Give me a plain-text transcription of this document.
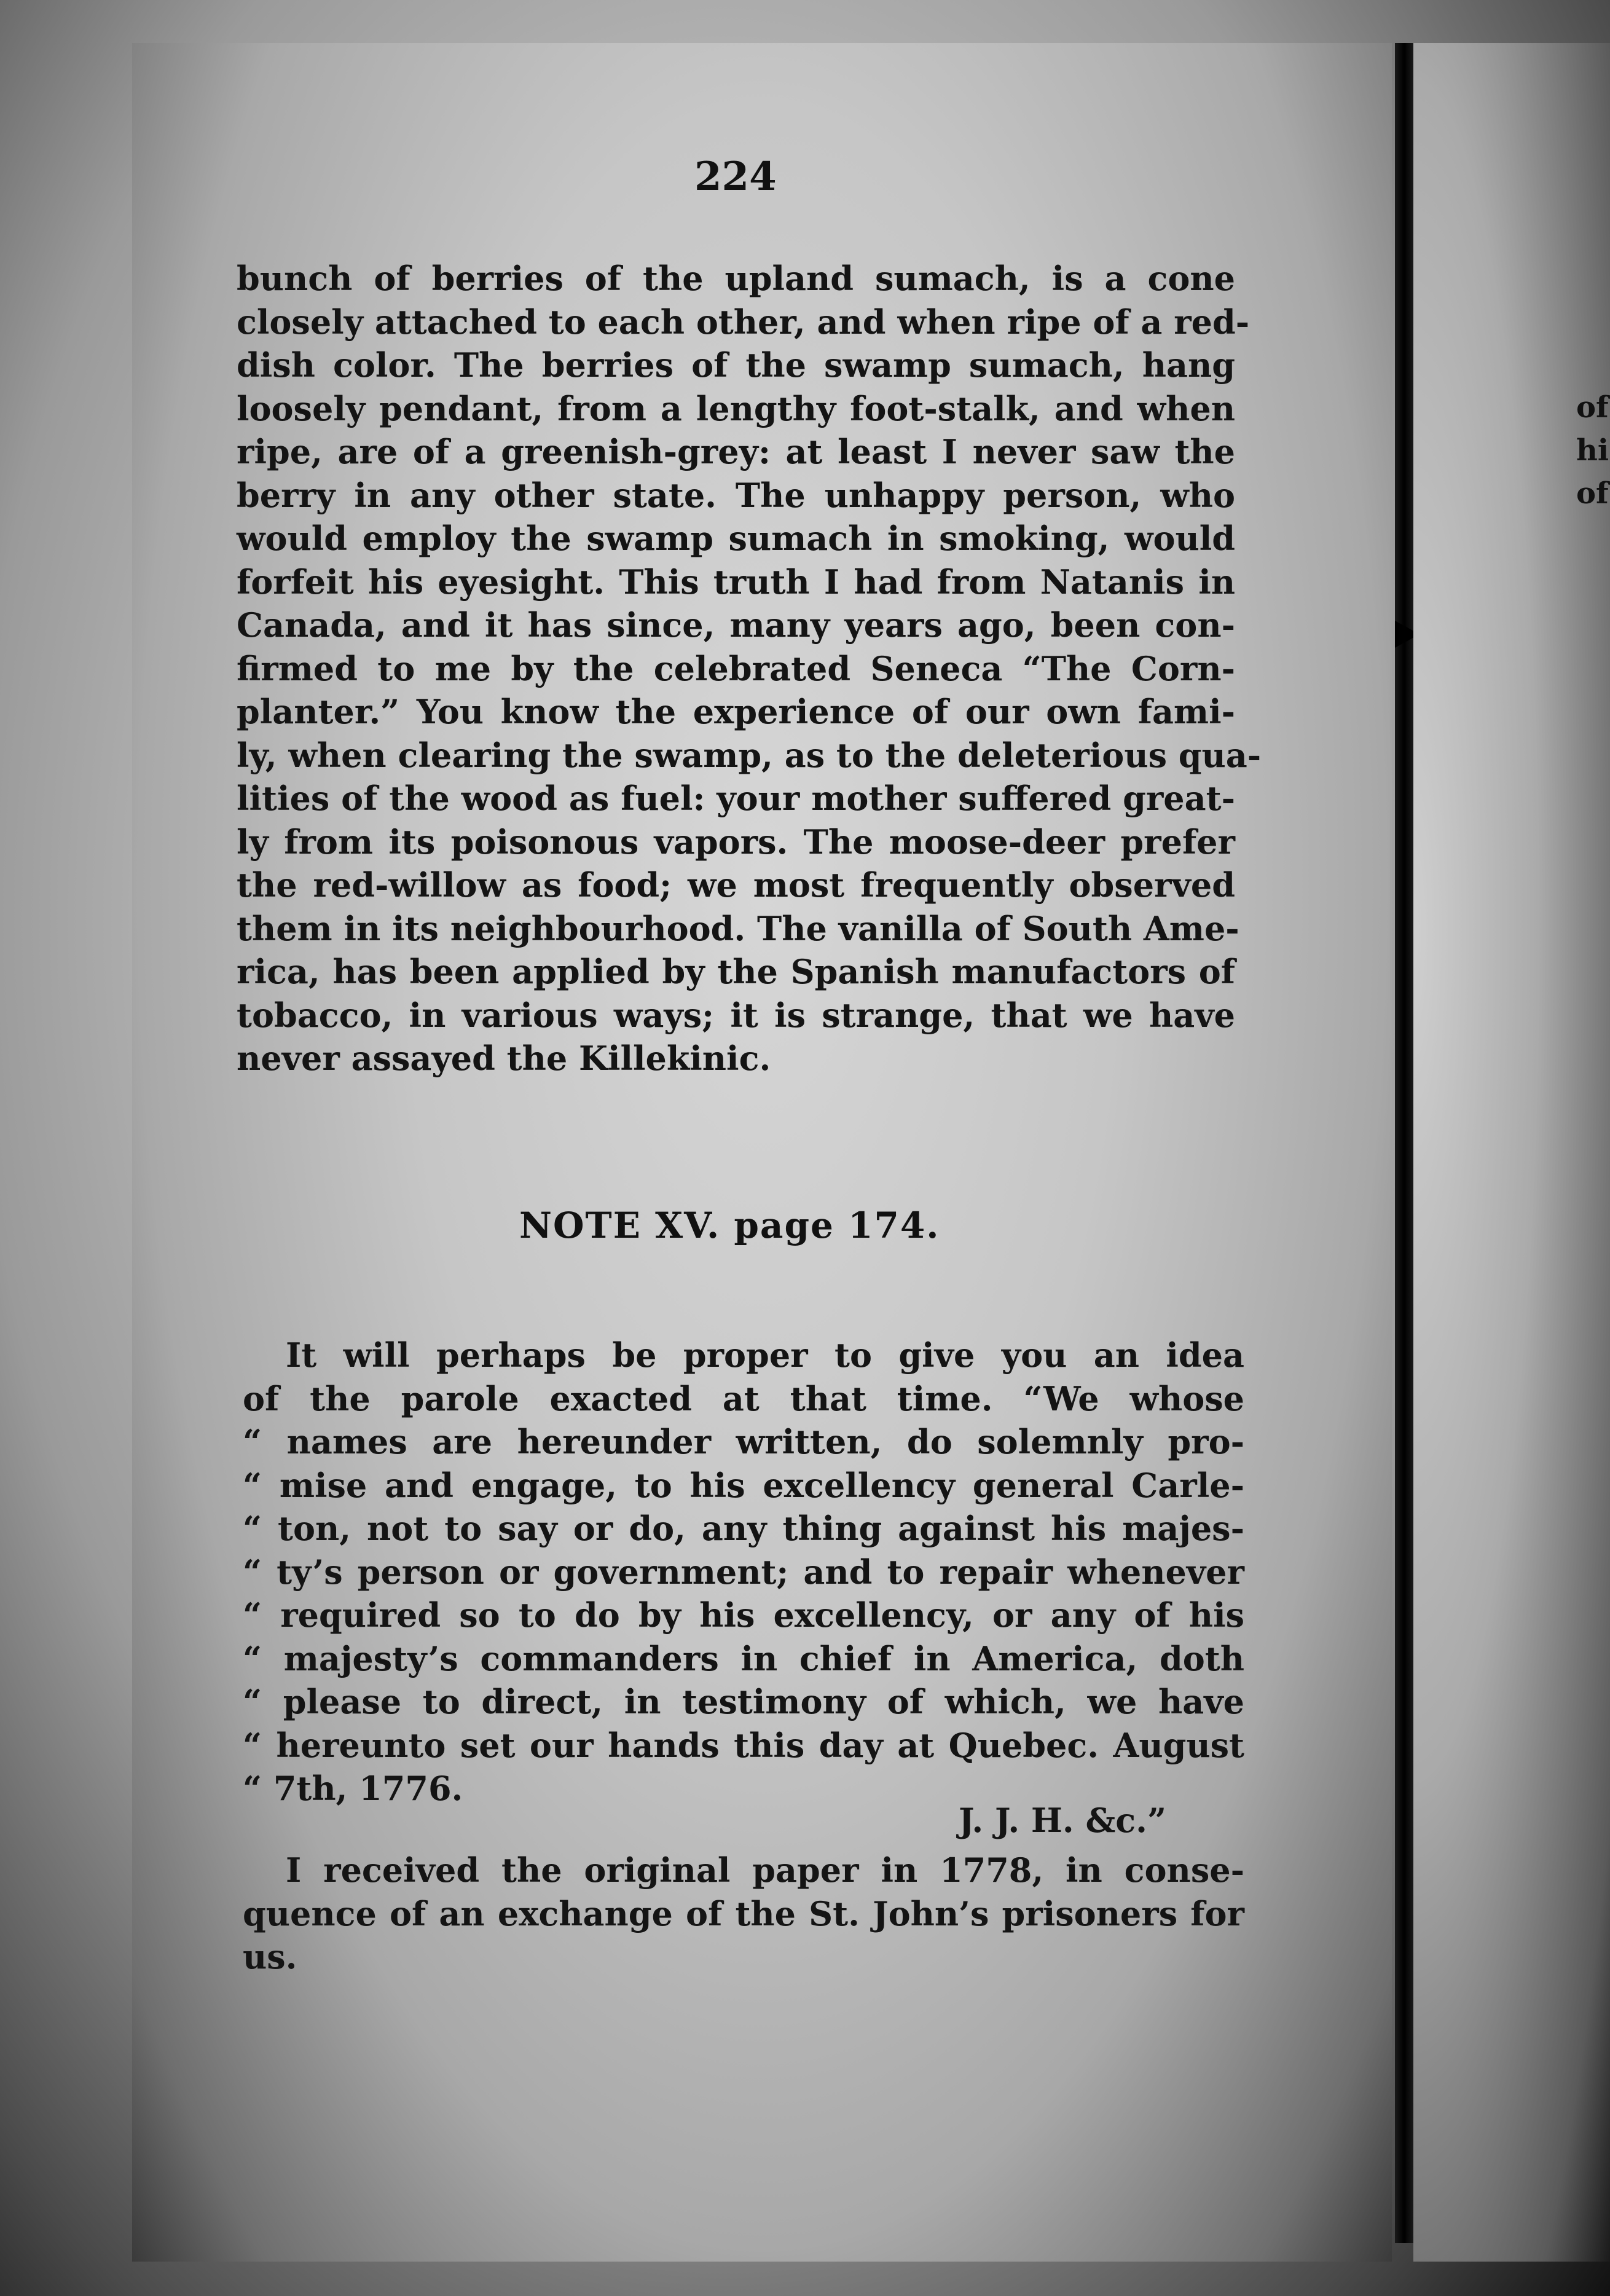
of
hi
of
224
bunch of berries of the upland sumach, is a cone
closely attached to each other, and when ripe of a red-
dish color. The berries of the swamp sumach, hang
loosely pendant, from a lengthy foot-stalk, and when
ripe, are of a greenish-grey: at least I never saw the
berry in any other state. The unhappy person, who
would employ the swamp sumach in smoking, would
forfeit his eyesight. This truth I had from Natanis in
Canada, and it has since, many years ago, been con-
firmed to me by the celebrated Seneca “The Corn-
planter.” You know the experience of our own fami-
ly, when clearing the swamp, as to the deleterious qua-
lities of the wood as fuel: your mother suffered great-
ly from its poisonous vapors. The moose-deer prefer
the red-willow as food; we most frequently observed
them in its neighbourhood. The vanilla of South Ame-
rica, has been applied by the Spanish manufactors of
tobacco, in various ways; it is strange, that we have
never assayed the Killekinic.
NOTE XV. page 174.
It will perhaps be proper to give you an idea
of the parole exacted at that time. “We whose
“ names are hereunder written, do solemnly pro-
“ mise and engage, to his excellency general Carle-
“ ton, not to say or do, any thing against his majes-
“ ty’s person or government; and to repair whenever
“ required so to do by his excellency, or any of his
“ majesty’s commanders in chief in America, doth
“ please to direct, in testimony of which, we have
“ hereunto set our hands this day at Quebec. August
“ 7th, 1776.
J. J. H. &c.”
I received the original paper in 1778, in conse-
quence of an exchange of the St. John’s prisoners for
us.
